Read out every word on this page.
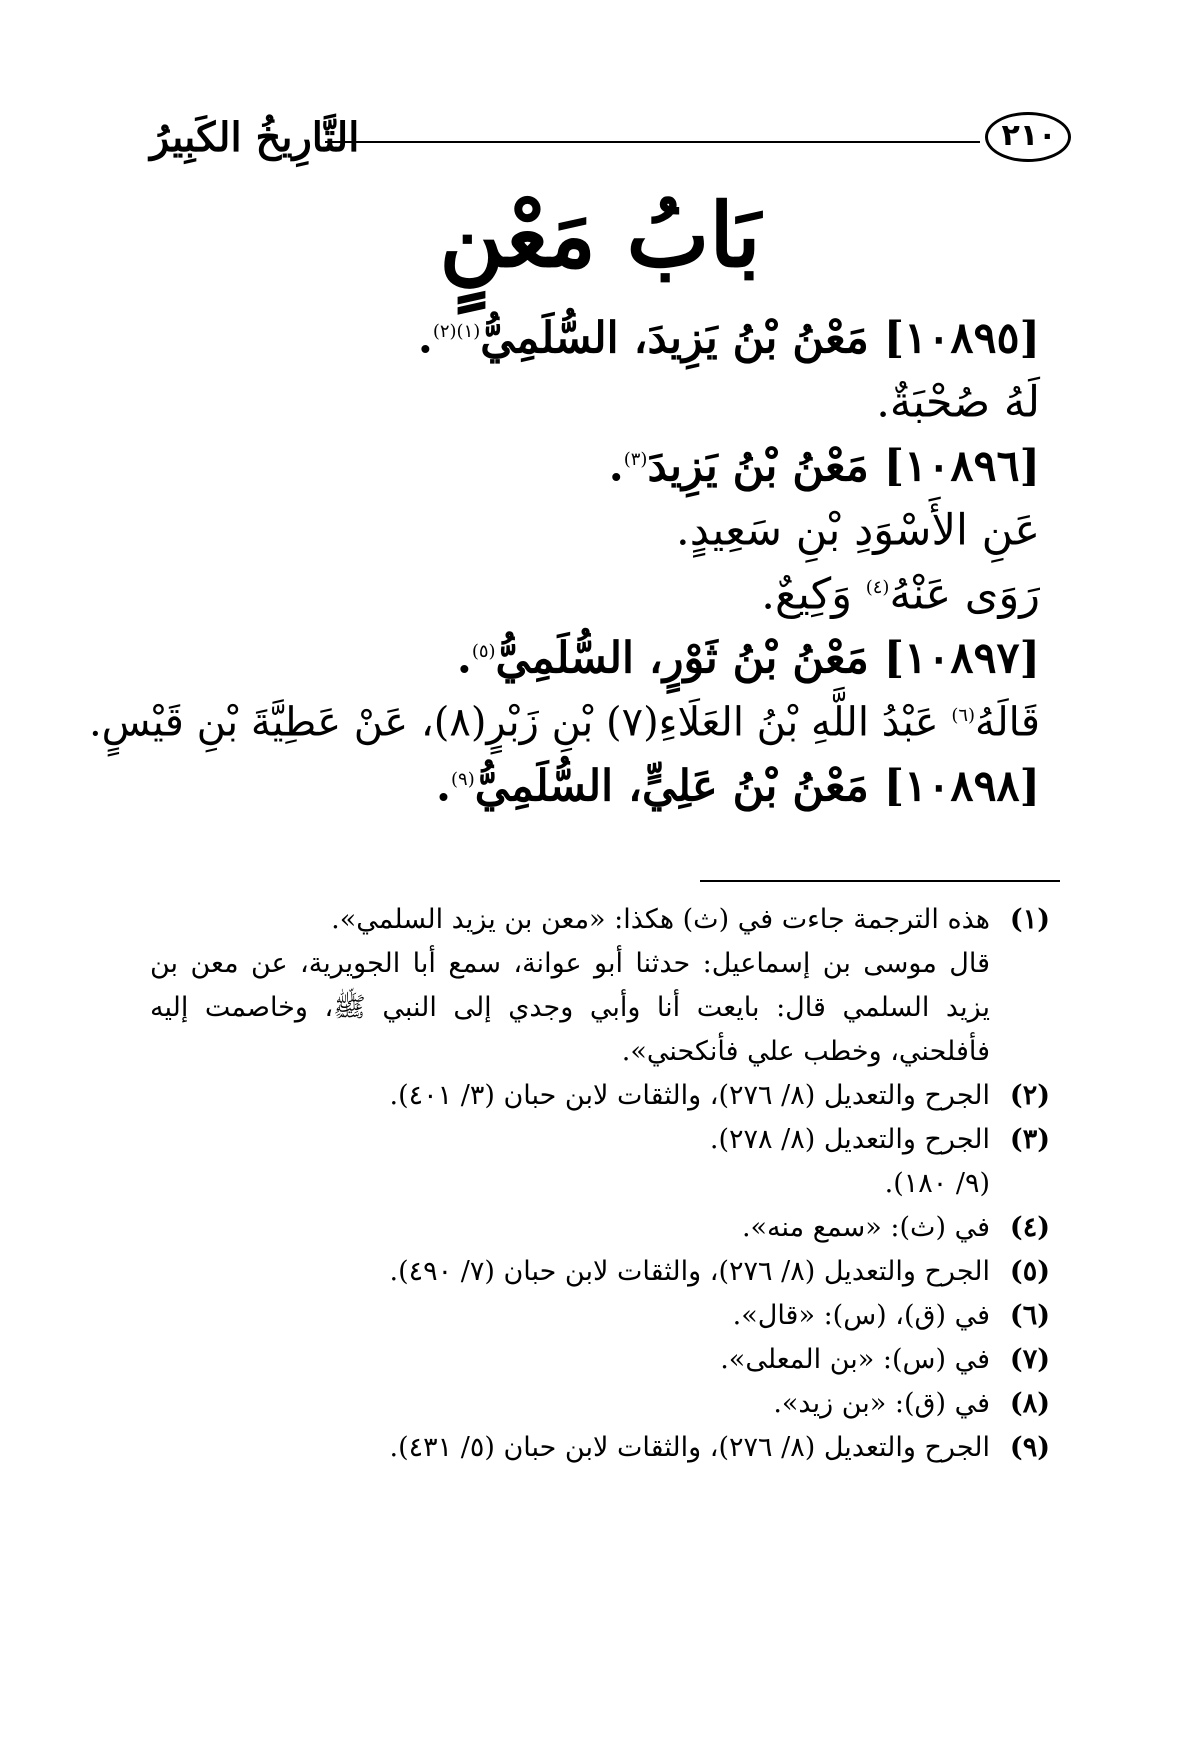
التَّارِيخُ الكَبِيرُ	٢١٠
بَابُ مَعْنٍ
[١٠٨٩٥] مَعْنُ بْنُ يَزِيدَ، السُّلَمِيُّ$^{(١)(٢)}$.
لَهُ صُحْبَةٌ.
[١٠٨٩٦] مَعْنُ بْنُ يَزِيدَ$^{(٣)}$.
عَنِ الأَسْوَدِ بْنِ سَعِيدٍ.
رَوَى عَنْهُ$^{(٤)}$ وَكِيعٌ.
[١٠٨٩٧] مَعْنُ بْنُ ثَوْرٍ، السُّلَمِيُّ$^{(٥)}$.
قَالَهُ$^{(٦)}$ عَبْدُ اللَّهِ بْنُ العَلَاءِ(٧) بْنِ زَبْرٍ(٨)، عَنْ عَطِيَّةَ بْنِ قَيْسٍ.
[١٠٨٩٨] مَعْنُ بْنُ عَلِيٍّ، السُّلَمِيُّ$^{(٩)}$.
(١)
هذه الترجمة جاءت في (ث) هكذا: «معن بن يزيد السلمي».
قال موسى بن إسماعيل: حدثنا أبو عوانة، سمع أبا الجويرية، عن معن بن يزيد السلمي قال: بايعت أنا وأبي وجدي إلى النبي ﷺ، وخاصمت إليه فأفلحني، وخطب علي فأنكحني».
(٢)
الجرح والتعديل (٨/ ٢٧٦)، والثقات لابن حبان (٣/ ٤٠١).
(٣)
الجرح والتعديل (٨/ ٢٧٨).
(٩/ ١٨٠).
(٤)
في (ث): «سمع منه».
(٥)
الجرح والتعديل (٨/ ٢٧٦)، والثقات لابن حبان (٧/ ٤٩٠).
(٦)
في (ق)، (س): «قال».
(٧)
في (س): «بن المعلى».
(٨)
في (ق): «بن زيد».
(٩)
الجرح والتعديل (٨/ ٢٧٦)، والثقات لابن حبان (٥/ ٤٣١).
